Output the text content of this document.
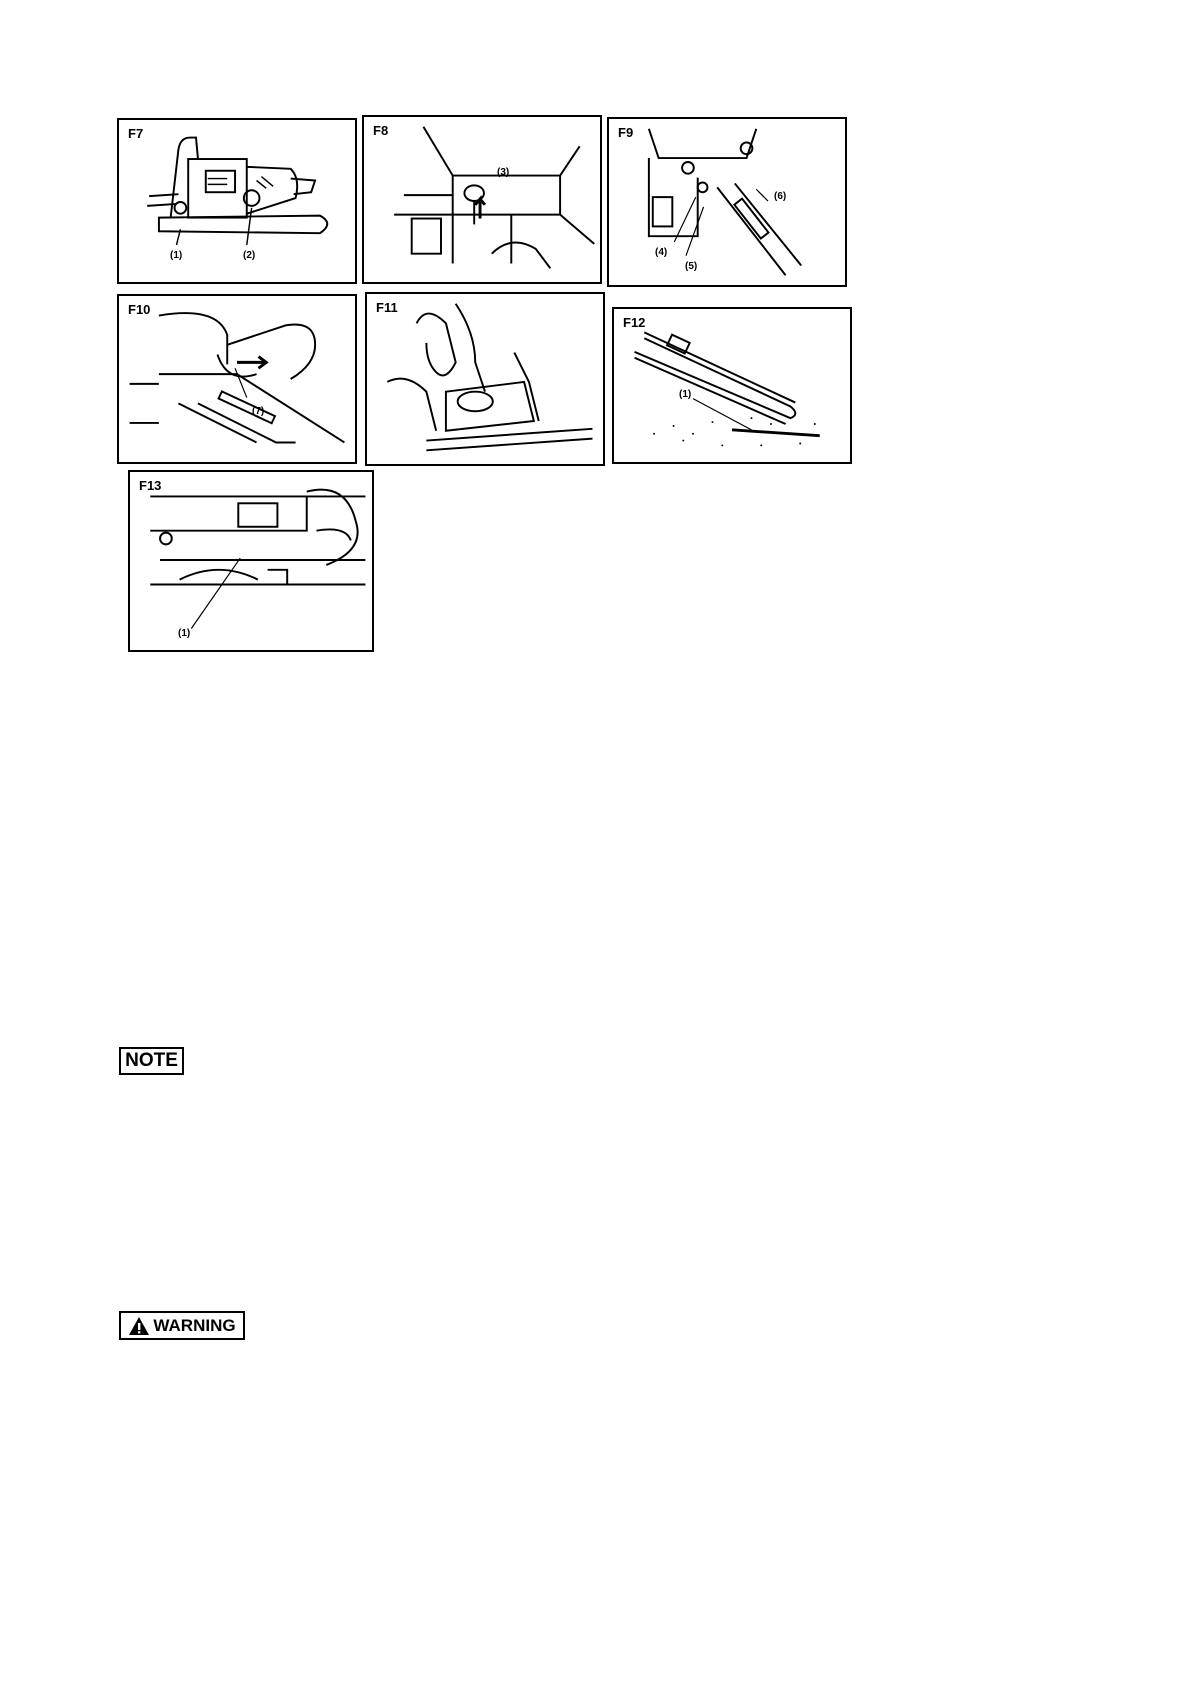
F7
(1)	(2)
F8
(3)
F9
(4)
(5)
(6)
F10
(7)
F11
F12
(1)
F13
(1)
NOTE
WARNING
